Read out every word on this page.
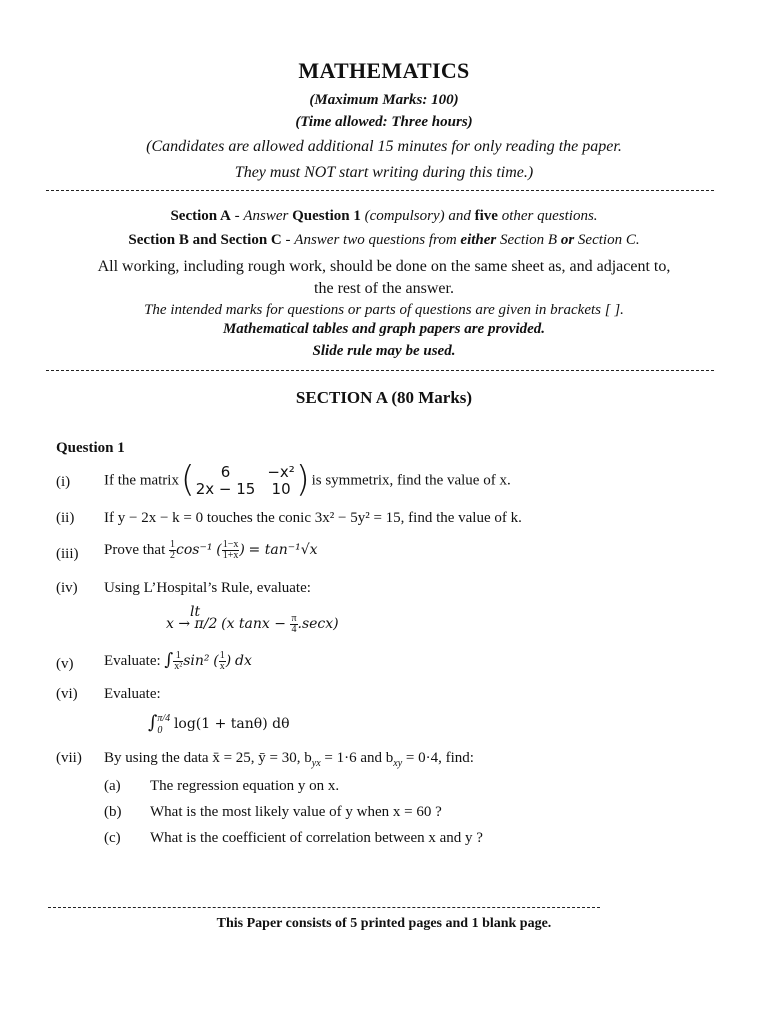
MATHEMATICS
(Maximum Marks: 100)
(Time allowed: Three hours)
(Candidates are allowed additional 15 minutes for only reading the paper.
They must NOT start writing during this time.)
Section A - Answer Question 1 (compulsory) and five other questions.
Section B and Section C - Answer two questions from either Section B or Section C.
All working, including rough work, should be done on the same sheet as, and adjacent to,
the rest of the answer.
The intended marks for questions or parts of questions are given in brackets [ ].
Mathematical tables and graph papers are provided.
Slide rule may be used.
SECTION A (80 Marks)
Question 1
(i) If the matrix ( 6	−x²
2x − 15	10 ) is symmetrix, find the value of x.
(ii) If y − 2x − k = 0 touches the conic 3x² − 5y² = 15, find the value of k.
(iii) Prove that $\frac{1}{2} \cos^{-1}$ ( $\frac{1-x}{1+x}$ ) = tan⁻¹√x
(iv) Using L’Hospital’s Rule, evaluate:
lt
x → π/2 (x $\tan x - \frac{\pi}{4} .\sec x$)
(v) Evaluate: ∫ $\frac{1}{\text{x²}} \sin^2$ ( $\frac{1}{x}$ ) dx
(vi) Evaluate:
∫ π/4
0 log(1 + tanθ) dθ
(vii) By using the data x̄ = 25, ȳ = 30, $b_{yx} = 1\cdot 6$ and $b_{xy} = 0\cdot 4$, find:
(a) The regression equation y on x.
(b) What is the most likely value of y when x = 60 ?
(c) What is the coefficient of correlation between x and y ?
This Paper consists of 5 printed pages and 1 blank page.
